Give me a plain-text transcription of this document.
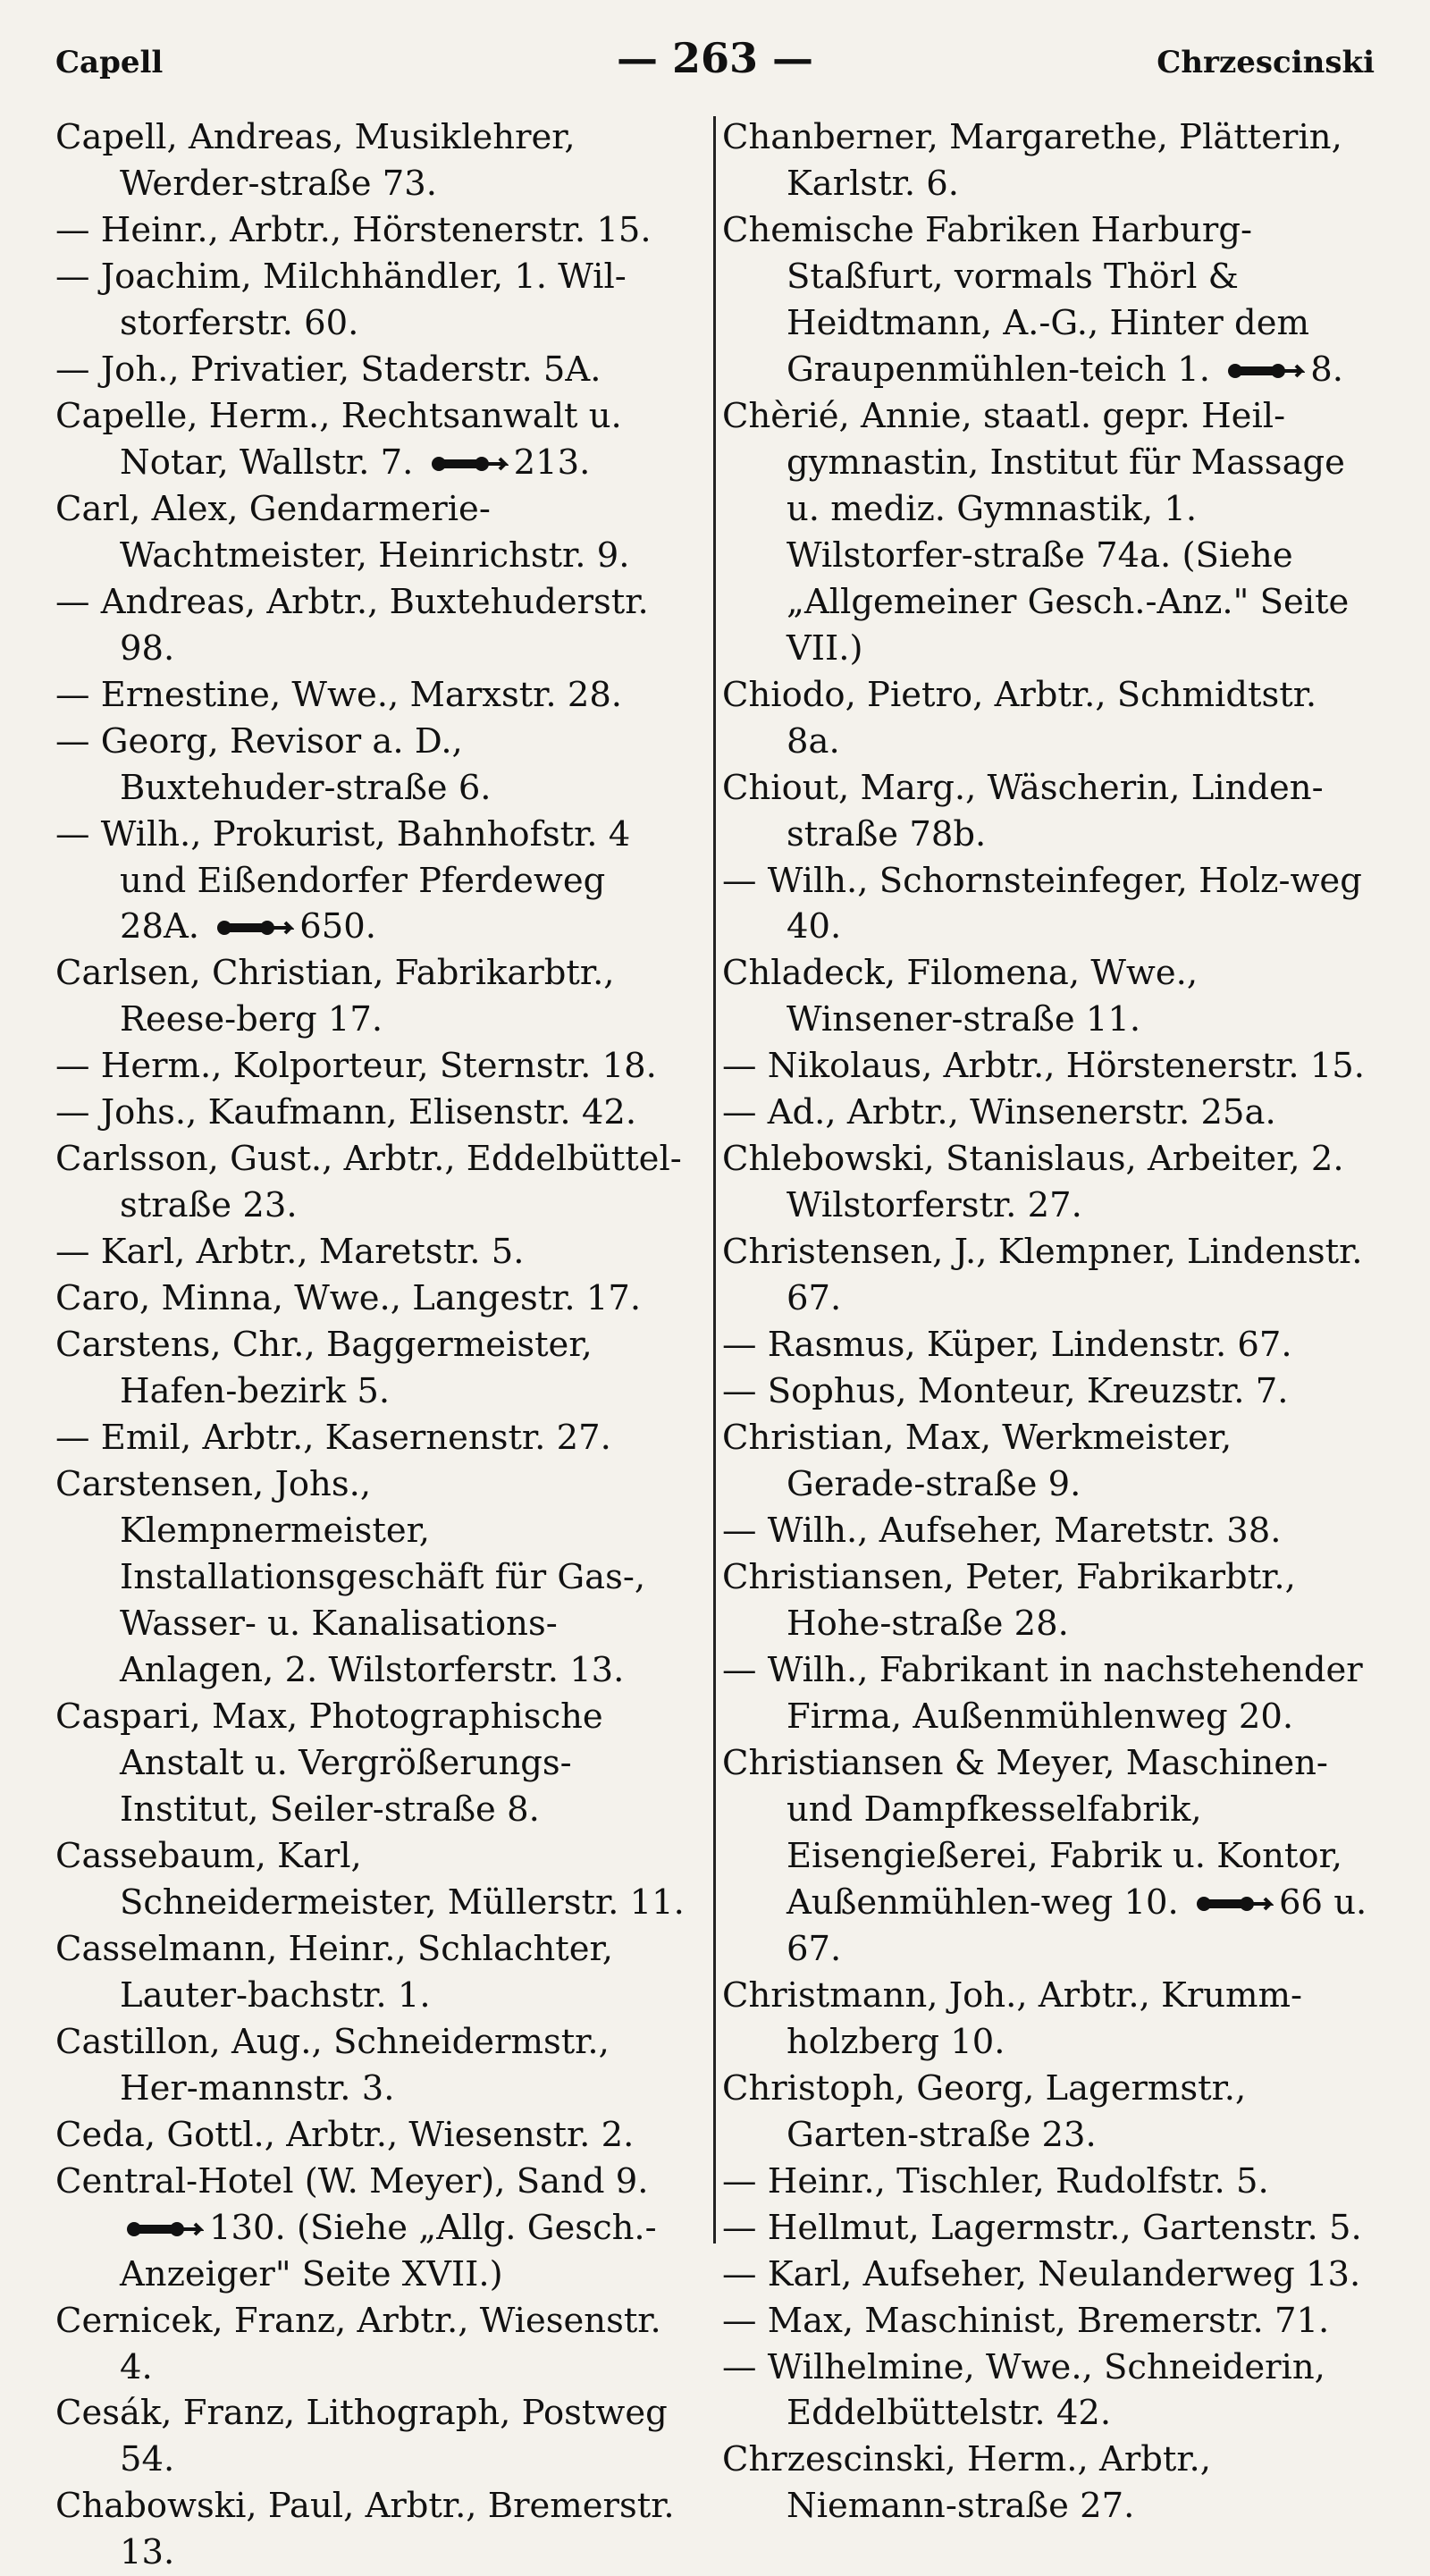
Capell	— 263 —	Chrzescinski

Capell, Andreas, Musiklehrer, Werder-straße 73.

— Heinr., Arbtr., Hörstenerstr. 15.

— Joachim, Milchhändler, 1. Wil-storferstr. 60.

— Joh., Privatier, Staderstr. 5A.

Capelle, Herm., Rechtsanwalt u. Notar, Wallstr. 7.	213.

Carl, Alex, Gendarmerie-Wachtmeister, Heinrichstr. 9.

— Andreas, Arbtr., Buxtehuderstr. 98.

— Ernestine, Wwe., Marxstr. 28.

— Georg, Revisor a. D., Buxtehuder-straße 6.

— Wilh., Prokurist, Bahnhofstr. 4 und Eißendorfer Pferdeweg 28A.	650.

Carlsen, Christian, Fabrikarbtr., Reese-berg 17.

— Herm., Kolporteur, Sternstr. 18.

— Johs., Kaufmann, Elisenstr. 42.

Carlsson, Gust., Arbtr., Eddelbüttel-straße 23.

— Karl, Arbtr., Maretstr. 5.

Caro, Minna, Wwe., Langestr. 17.

Carstens, Chr., Baggermeister, Hafen-bezirk 5.

— Emil, Arbtr., Kasernenstr. 27.

Carstensen, Johs., Klempnermeister, Installationsgeschäft für Gas-, Wasser- u. Kanalisations-Anlagen, 2. Wilstorferstr. 13.

Caspari, Max, Photographische Anstalt u. Vergrößerungs-Institut, Seiler-straße 8.

Cassebaum, Karl, Schneidermeister, Müllerstr. 11.

Casselmann, Heinr., Schlachter, Lauter-bachstr. 1.

Castillon, Aug., Schneidermstr., Her-mannstr. 3.

Ceda, Gottl., Arbtr., Wiesenstr. 2.

Central-Hotel (W. Meyer), Sand 9. 130. (Siehe „Allg. Gesch.-Anzeiger" Seite XVII.)

Cernicek, Franz, Arbtr., Wiesenstr. 4.

Cesák, Franz, Lithograph, Postweg 54.

Chabowski, Paul, Arbtr., Bremerstr. 13.

Chanberner, Margarethe, Plätterin, Karlstr. 6.

Chemische Fabriken Harburg-Staßfurt, vormals Thörl & Heidtmann, A.-G., Hinter dem Graupenmühlen-teich 1.	8.

Chèrié, Annie, staatl. gepr. Heil-gymnastin, Institut für Massage u. mediz. Gymnastik, 1. Wilstorfer-straße 74a. (Siehe „Allgemeiner Gesch.-Anz." Seite VII.)

Chiodo, Pietro, Arbtr., Schmidtstr. 8a.

Chiout, Marg., Wäscherin, Linden-straße 78b.

— Wilh., Schornsteinfeger, Holz-weg 40.

Chladeck, Filomena, Wwe., Winsener-straße 11.

— Nikolaus, Arbtr., Hörstenerstr. 15.

— Ad., Arbtr., Winsenerstr. 25a.

Chlebowski, Stanislaus, Arbeiter, 2. Wilstorferstr. 27.

Christensen, J., Klempner, Lindenstr. 67.

— Rasmus, Küper, Lindenstr. 67.

— Sophus, Monteur, Kreuzstr. 7.

Christian, Max, Werkmeister, Gerade-straße 9.

— Wilh., Aufseher, Maretstr. 38.

Christiansen, Peter, Fabrikarbtr., Hohe-straße 28.

— Wilh., Fabrikant in nachstehender Firma, Außenmühlenweg 20.

Christiansen & Meyer, Maschinen- und Dampfkesselfabrik, Eisengießerei, Fabrik u. Kontor, Außenmühlen-weg 10.	66 u. 67.

Christmann, Joh., Arbtr., Krumm-holzberg 10.

Christoph, Georg, Lagermstr., Garten-straße 23.

— Heinr., Tischler, Rudolfstr. 5.

— Hellmut, Lagermstr., Gartenstr. 5.

— Karl, Aufseher, Neulanderweg 13.

— Max, Maschinist, Bremerstr. 71.

— Wilhelmine, Wwe., Schneiderin, Eddelbüttelstr. 42.

Chrzescinski, Herm., Arbtr., Niemann-straße 27.
